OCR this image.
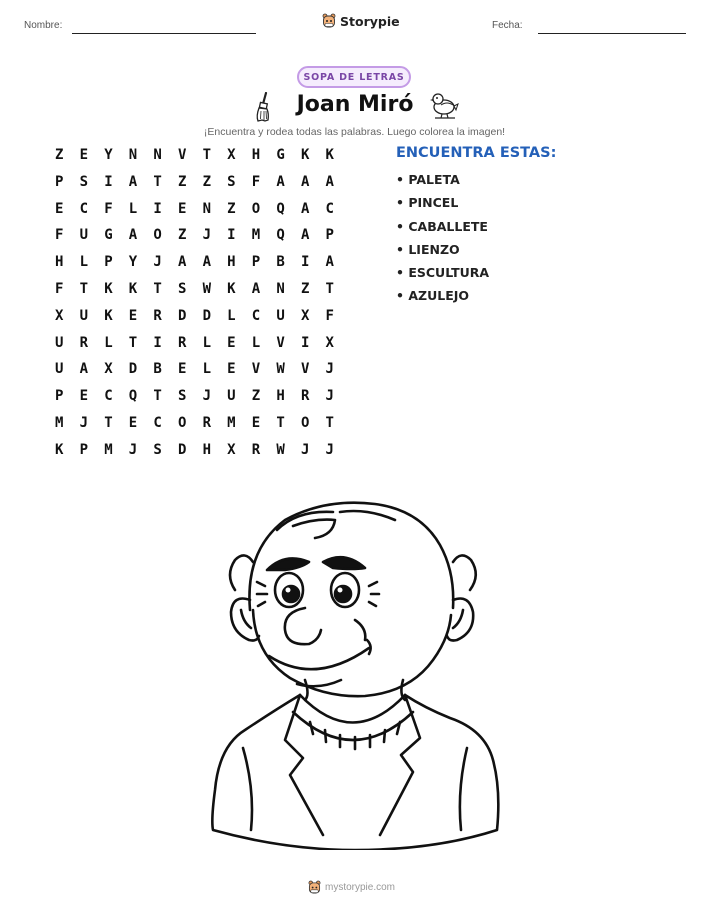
Nombre:	Storypie	Fecha:
SOPA DE LETRAS
Joan Miró
¡Encuentra y rodea todas las palabras. Luego colorea la imagen!
Z	E	Y	N	N	V	T	X	H	G	K	K
P	S	I	A	T	Z	Z	S	F	A	A	A
E	C	F	L	I	E	N	Z	O	Q	A	C
F	U	G	A	O	Z	J	I	M	Q	A	P
H	L	P	Y	J	A	A	H	P	B	I	A
F	T	K	K	T	S	W	K	A	N	Z	T
X	U	K	E	R	D	D	L	C	U	X	F
U	R	L	T	I	R	L	E	L	V	I	X
U	A	X	D	B	E	L	E	V	W	V	J
P	E	C	Q	T	S	J	U	Z	H	R	J
M	J	T	E	C	O	R	M	E	T	O	T
K	P	M	J	S	D	H	X	R	W	J	J
ENCUENTRA ESTAS:
• PALETA
• PINCEL
• CABALLETE
• LIENZO
• ESCULTURA
• AZULEJO
mystorypie.com
